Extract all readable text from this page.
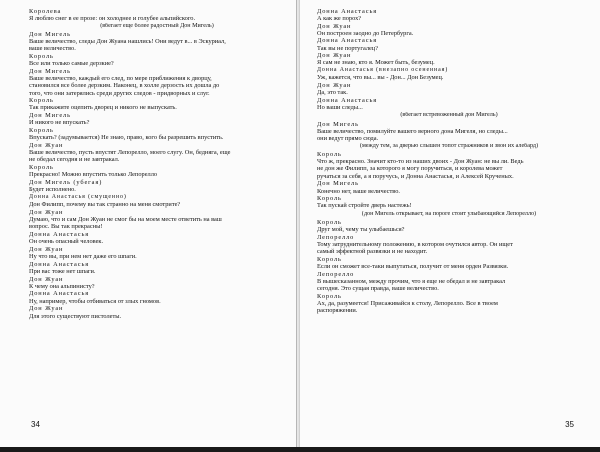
Королева
Я люблю снег в ее прозе: он холоднее и голубее альпийского.
(вбегает еще более радостный Дон Мигель)
Дон Мигель
Ваше величество, следы Дон Жуана нашлись! Они ведут в... в Эскуриал,
ваше величество.
Король
Все или только самые дерзкие?
Дон Мигель
Ваше величество, каждый его след, по мере приближения к дворцу,
становился все более дерзким. Наконец, в холле дерзость их дошла до
того, что они затерялись среди других следов - придворных и слуг.
Король
Так прикажите оцепить дворец и никого не выпускать.
Дон Мигель
И никого не впускать?
Король
Впускать? (задумывается) Не знаю, право, кого бы разрешить впустить.
Дон Жуан
Ваше величество, пусть впустят Лепорелло, моего слугу. Он, бедняга, еще
не обедал сегодня и не завтракал.
Король
Прекрасно! Можно впустить только Лепорелло
Дон Мигель (убегая)
Будет исполнено.
Донна Анастасья (смущенно)
Дон Филипп, почему вы так странно на меня смотрите?
Дон Жуан
Думаю, что и сам Дон Жуан не смог бы на моем месте ответить на ваш
вопрос. Вы так прекрасны!
Донна Анастасья
Он очень опасный человек.
Дон Жуан
Ну что вы, при нем нет даже его шпаги.
Донна Анастасья
При вас тоже нет шпаги.
Дон Жуан
К чему она альпинисту?
Донна Анастасья
Ну, например, чтобы отбиваться от злых гномов.
Дон Жуан
Для этого существуют пистолеты.
34
Донна Анастасья
А как же порох?
Дон Жуан
Он построен заодно до Петербурга.
Донна Анастасья
Так вы не португалец?
Дон Жуан
Я сам не знаю, кто я. Может быть, безумец.
Донна Анастасья (внезапно осененная)
Уж, кажется, что вы... вы - Дон... Дон Безумец.
Дон Жуан
Да, это так.
Донна Анастасья
Но ваши следы...
(вбегает встревоженный дон Мигель)
Дон Мигель
Ваше величество, помилуйте вашего верного дона Мигеля, но следы...
они ведут прямо сюда.
(между тем, за дверью слышен топот стражников и звон их алебард)
Король
Что ж, прекрасно. Значит кто-то из наших двоих - Дон Жуан: не вы ли. Ведь
не дон же Филипп, за которого я могу поручиться, и королева может
ручаться за себя, а я поручусь, и Донна Анастасья, и Алексей Крученых.
Дон Мигель
Конечно нет, ваше величество.
Король
Так пускай стройте дверь настежь!
(дон Мигель открывает, на пороге стоит улыбающийся Лепорелло)
Король
Друг мой, чему ты улыбаешься?
Лепорелло
Тому затруднительному положению, в котором очутился автор. Он ищет
самый эффектной развязки и не находит.
Король
Если он сможет все-таки выпутаться, получит от меня орден Развязки.
Лепорелло
В вышесказанном, между прочим, что я еще не обедал и не завтракал
сегодня. Это сущая правда, ваше величество.
Король
Ах, да, разумеется! Присаживайся к столу, Лепорелло. Все в твоем
распоряжении.
35
